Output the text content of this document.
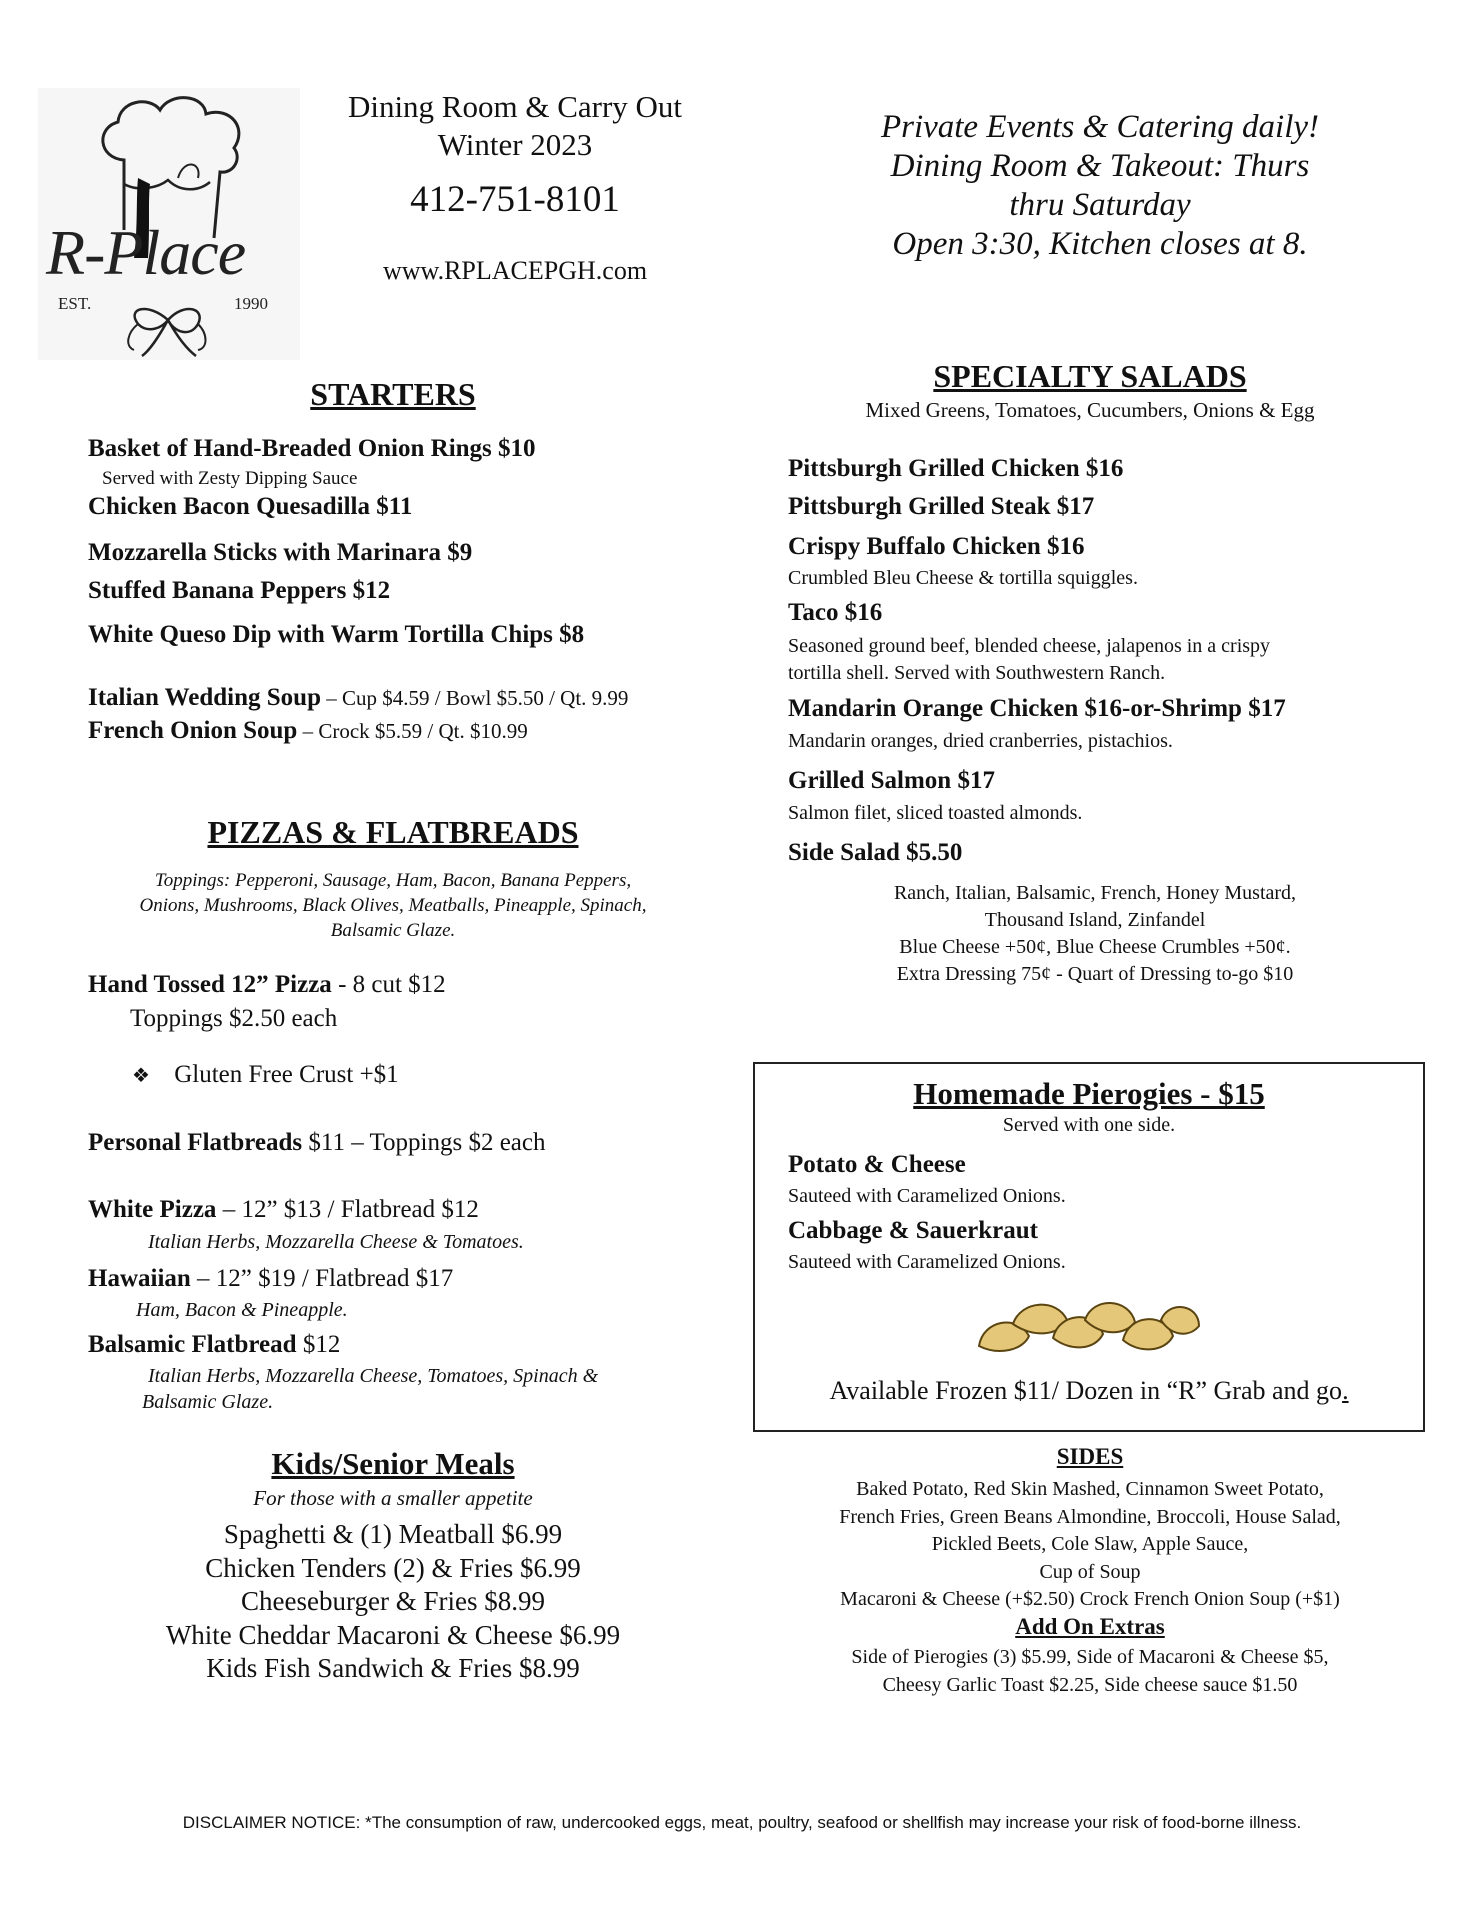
R-Place
EST.	1990
Dining Room & Carry Out
Winter 2023
412-751-8101
www.RPLACEPGH.com
Private Events & Catering daily!
Dining Room & Takeout: Thurs
thru Saturday
Open 3:30, Kitchen closes at 8.
STARTERS
Basket of Hand-Breaded Onion Rings $10
Served with Zesty Dipping Sauce
Chicken Bacon Quesadilla $11
Mozzarella Sticks with Marinara $9
Stuffed Banana Peppers $12
White Queso Dip with Warm Tortilla Chips $8
Italian Wedding Soup – Cup $4.59 / Bowl $5.50 / Qt. 9.99
French Onion Soup – Crock $5.59 / Qt. $10.99
PIZZAS & FLATBREADS
Toppings: Pepperoni, Sausage, Ham, Bacon, Banana Peppers,
Onions, Mushrooms, Black Olives, Meatballs, Pineapple, Spinach,
Balsamic Glaze.
Hand Tossed 12” Pizza - 8 cut $12
Toppings $2.50 each
❖ Gluten Free Crust +$1
Personal Flatbreads $11 – Toppings $2 each
White Pizza – 12” $13 / Flatbread $12
Italian Herbs, Mozzarella Cheese & Tomatoes.
Hawaiian – 12” $19 / Flatbread $17
Ham, Bacon & Pineapple.
Balsamic Flatbread $12
Italian Herbs, Mozzarella Cheese, Tomatoes, Spinach &
Balsamic Glaze.
Kids/Senior Meals
For those with a smaller appetite
Spaghetti & (1) Meatball $6.99
Chicken Tenders (2) & Fries $6.99
Cheeseburger & Fries $8.99
White Cheddar Macaroni & Cheese $6.99
Kids Fish Sandwich & Fries $8.99
SPECIALTY SALADS
Mixed Greens, Tomatoes, Cucumbers, Onions & Egg
Pittsburgh Grilled Chicken $16
Pittsburgh Grilled Steak $17
Crispy Buffalo Chicken $16
Crumbled Bleu Cheese & tortilla squiggles.
Taco $16
Seasoned ground beef, blended cheese, jalapenos in a crispy
tortilla shell. Served with Southwestern Ranch.
Mandarin Orange Chicken $16-or-Shrimp $17
Mandarin oranges, dried cranberries, pistachios.
Grilled Salmon $17
Salmon filet, sliced toasted almonds.
Side Salad $5.50
Ranch, Italian, Balsamic, French, Honey Mustard,
Thousand Island, Zinfandel
Blue Cheese +50¢, Blue Cheese Crumbles +50¢.
Extra Dressing 75¢ - Quart of Dressing to-go $10
Homemade Pierogies - $15
Served with one side.
Potato & Cheese
Sauteed with Caramelized Onions.
Cabbage & Sauerkraut
Sauteed with Caramelized Onions.
Available Frozen $11/ Dozen in “R” Grab and go.
SIDES
Baked Potato, Red Skin Mashed, Cinnamon Sweet Potato,
French Fries, Green Beans Almondine, Broccoli, House Salad,
Pickled Beets, Cole Slaw, Apple Sauce,
Cup of Soup
Macaroni & Cheese (+$2.50) Crock French Onion Soup (+$1)
Add On Extras
Side of Pierogies (3) $5.99, Side of Macaroni & Cheese $5,
Cheesy Garlic Toast $2.25, Side cheese sauce $1.50
DISCLAIMER NOTICE: *The consumption of raw, undercooked eggs, meat, poultry, seafood or shellfish may increase your risk of food-borne illness.
